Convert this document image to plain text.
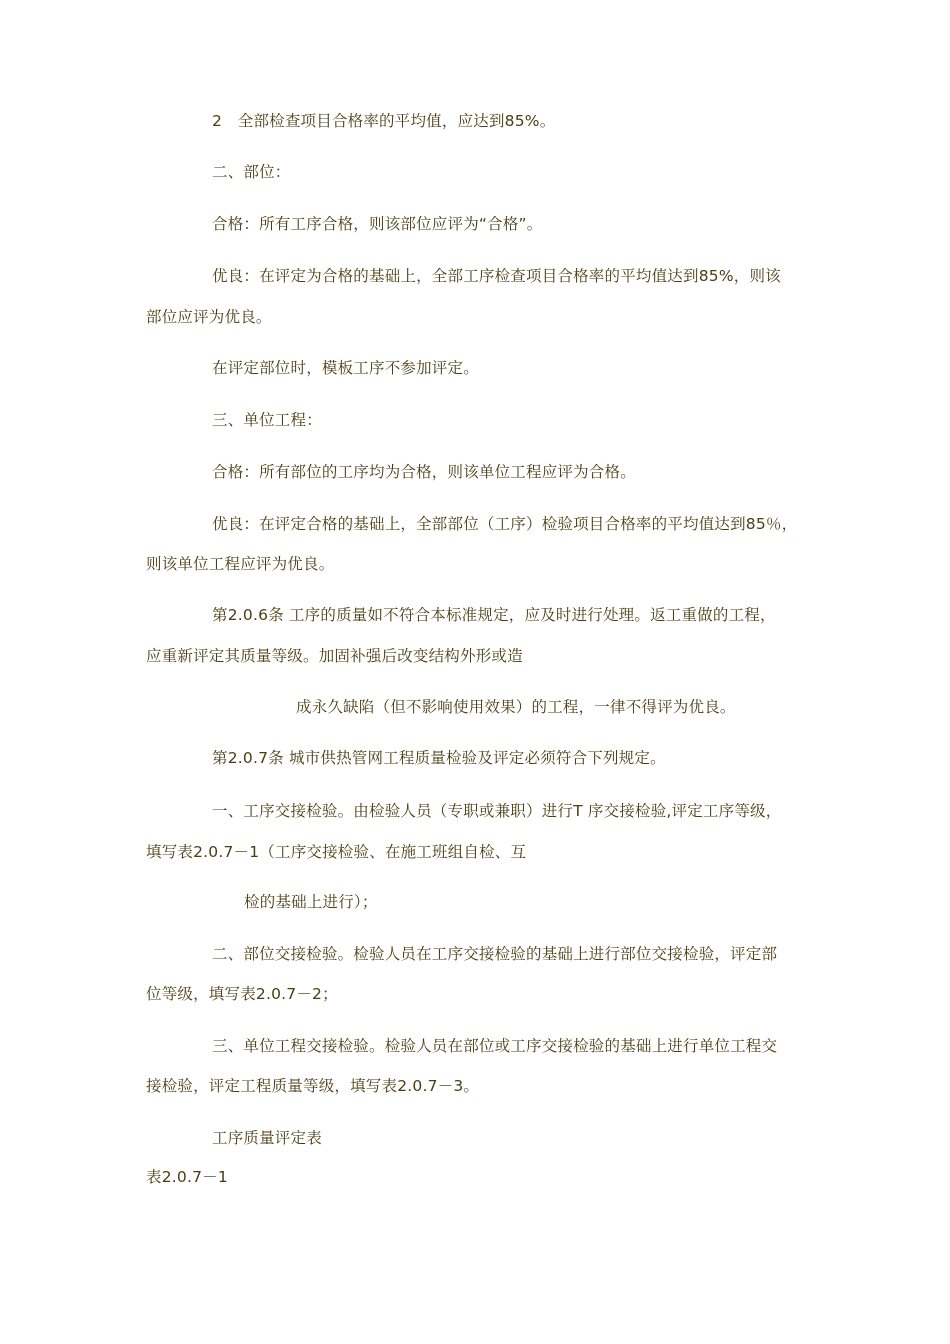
2　全部检查项目合格率的平均值，应达到85%。
二、部位：
合格：所有工序合格，则该部位应评为“合格”。
优良：在评定为合格的基础上，全部工序检查项目合格率的平均值达到85%，则该
部位应评为优良。
在评定部位时，模板工序不参加评定。
三、单位工程：
合格：所有部位的工序均为合格，则该单位工程应评为合格。
优良：在评定合格的基础上，全部部位（工序）检验项目合格率的平均值达到85％，
则该单位工程应评为优良。
第2.0.6条 工序的质量如不符合本标准规定，应及时进行处理。返工重做的工程，
应重新评定其质量等级。加固补强后改变结构外形或造
成永久缺陷（但不影响使用效果）的工程，一律不得评为优良。
第2.0.7条 城市供热管网工程质量检验及评定必须符合下列规定。
一、工序交接检验。由检验人员（专职或兼职）进行T 序交接检验,评定工序等级，
填写表2.0.7－1（工序交接检验、在施工班组自检、互
检的基础上进行）；
二、部位交接检验。检验人员在工序交接检验的基础上进行部位交接检验，评定部
位等级，填写表2.0.7－2；
三、单位工程交接检验。检验人员在部位或工序交接检验的基础上进行单位工程交
接检验，评定工程质量等级，填写表2.0.7－3。
工序质量评定表
表2.0.7－1
